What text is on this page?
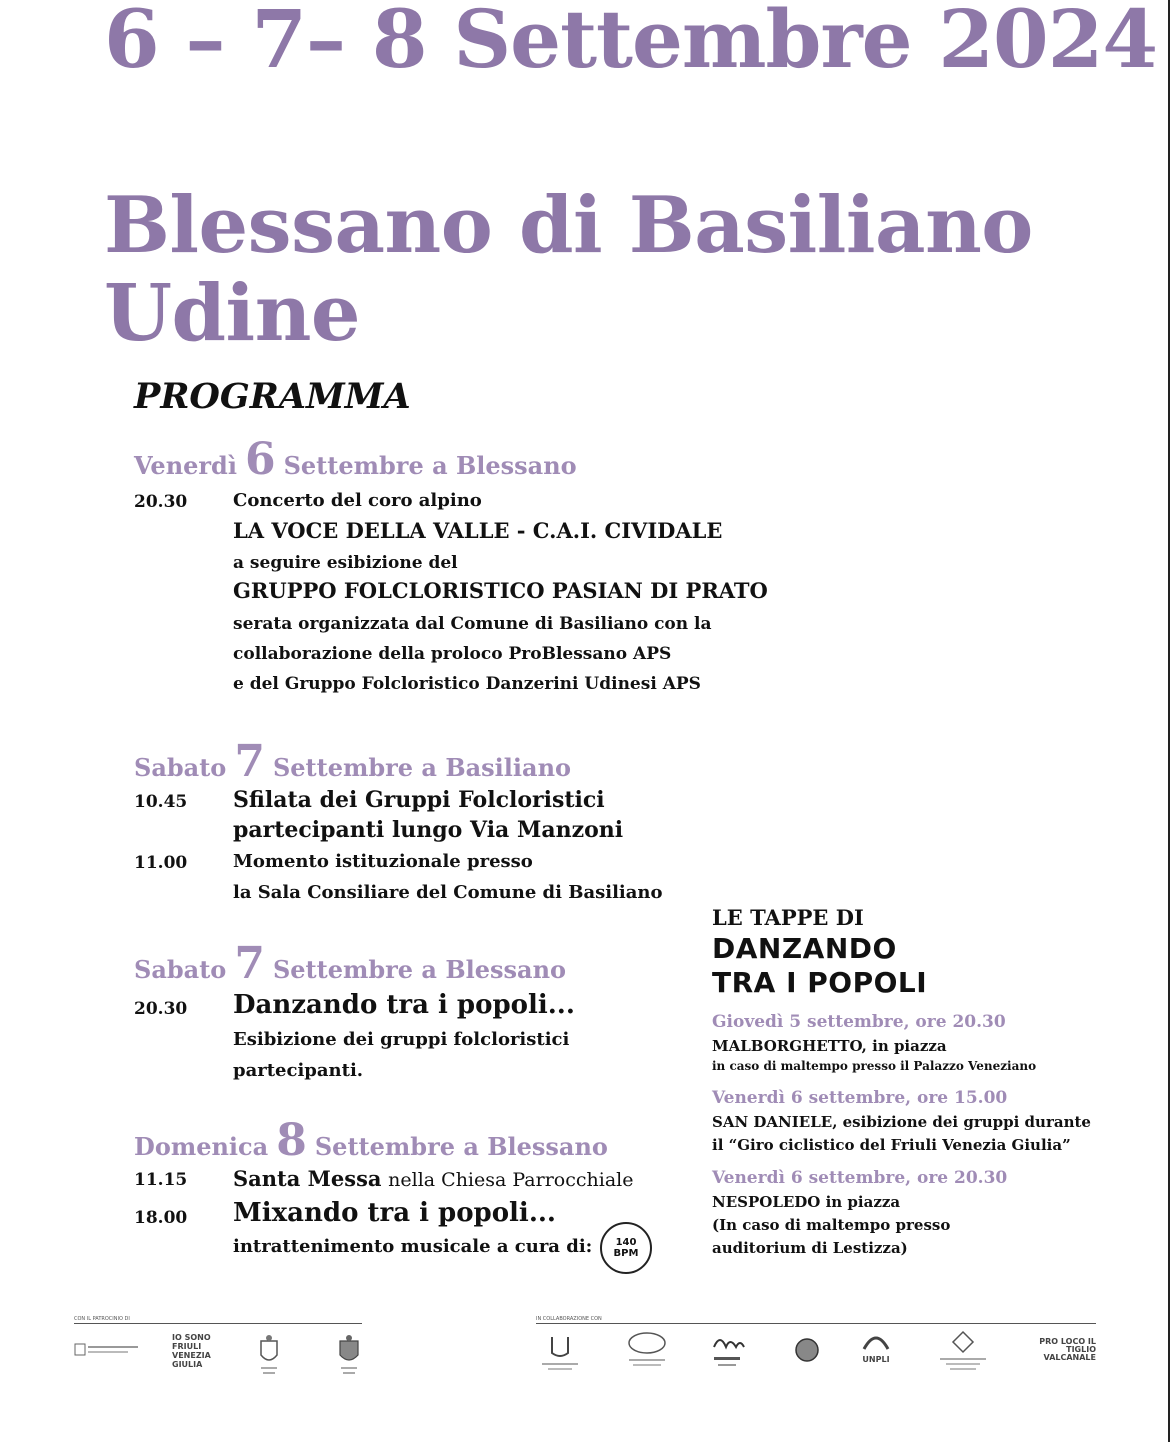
6 – 7– 8 Settembre 2024
Blessano di Basiliano
Udine
PROGRAMMA
Venerdì 6 Settembre a Blessano
20.30	Concerto del coro alpino
LA VOCE DELLA VALLE - C.A.I. CIVIDALE
a seguire esibizione del
GRUPPO FOLCLORISTICO PASIAN DI PRATO
serata organizzata dal Comune di Basiliano con la
collaborazione della proloco ProBlessano APS
e del Gruppo Folcloristico Danzerini Udinesi APS
Sabato 7 Settembre a Basiliano
10.45 Sfilata dei Gruppi Folcloristici
partecipanti lungo Via Manzoni
11.00	Momento istituzionale presso
la Sala Consiliare del Comune di Basiliano
Sabato 7 Settembre a Blessano
20.30 Danzando tra i popoli...
Esibizione dei gruppi folcloristici
partecipanti.
Domenica 8 Settembre a Blessano
11.15 Santa Messa nella Chiesa Parrocchiale
18.00 Mixando tra i popoli...
intrattenimento musicale a cura di: 140
BPM
LE TAPPE DI
DANZANDO
TRA I POPOLI
Giovedì 5 settembre, ore 20.30
MALBORGHETTO, in piazza
in caso di maltempo presso il Palazzo Veneziano
Venerdì 6 settembre, ore 15.00
SAN DANIELE, esibizione dei gruppi durante
il “Giro ciclistico del Friuli Venezia Giulia”
Venerdì 6 settembre, ore 20.30
NESPOLEDO in piazza
(In caso di maltempo presso
auditorium di Lestizza)
CON IL PATROCINIO DI	IN COLLABORAZIONE CON
IO SONO FRIULI VENEZIA GIULIA
UNPLI
PRO LOCO IL TIGLIO VALCANALE
